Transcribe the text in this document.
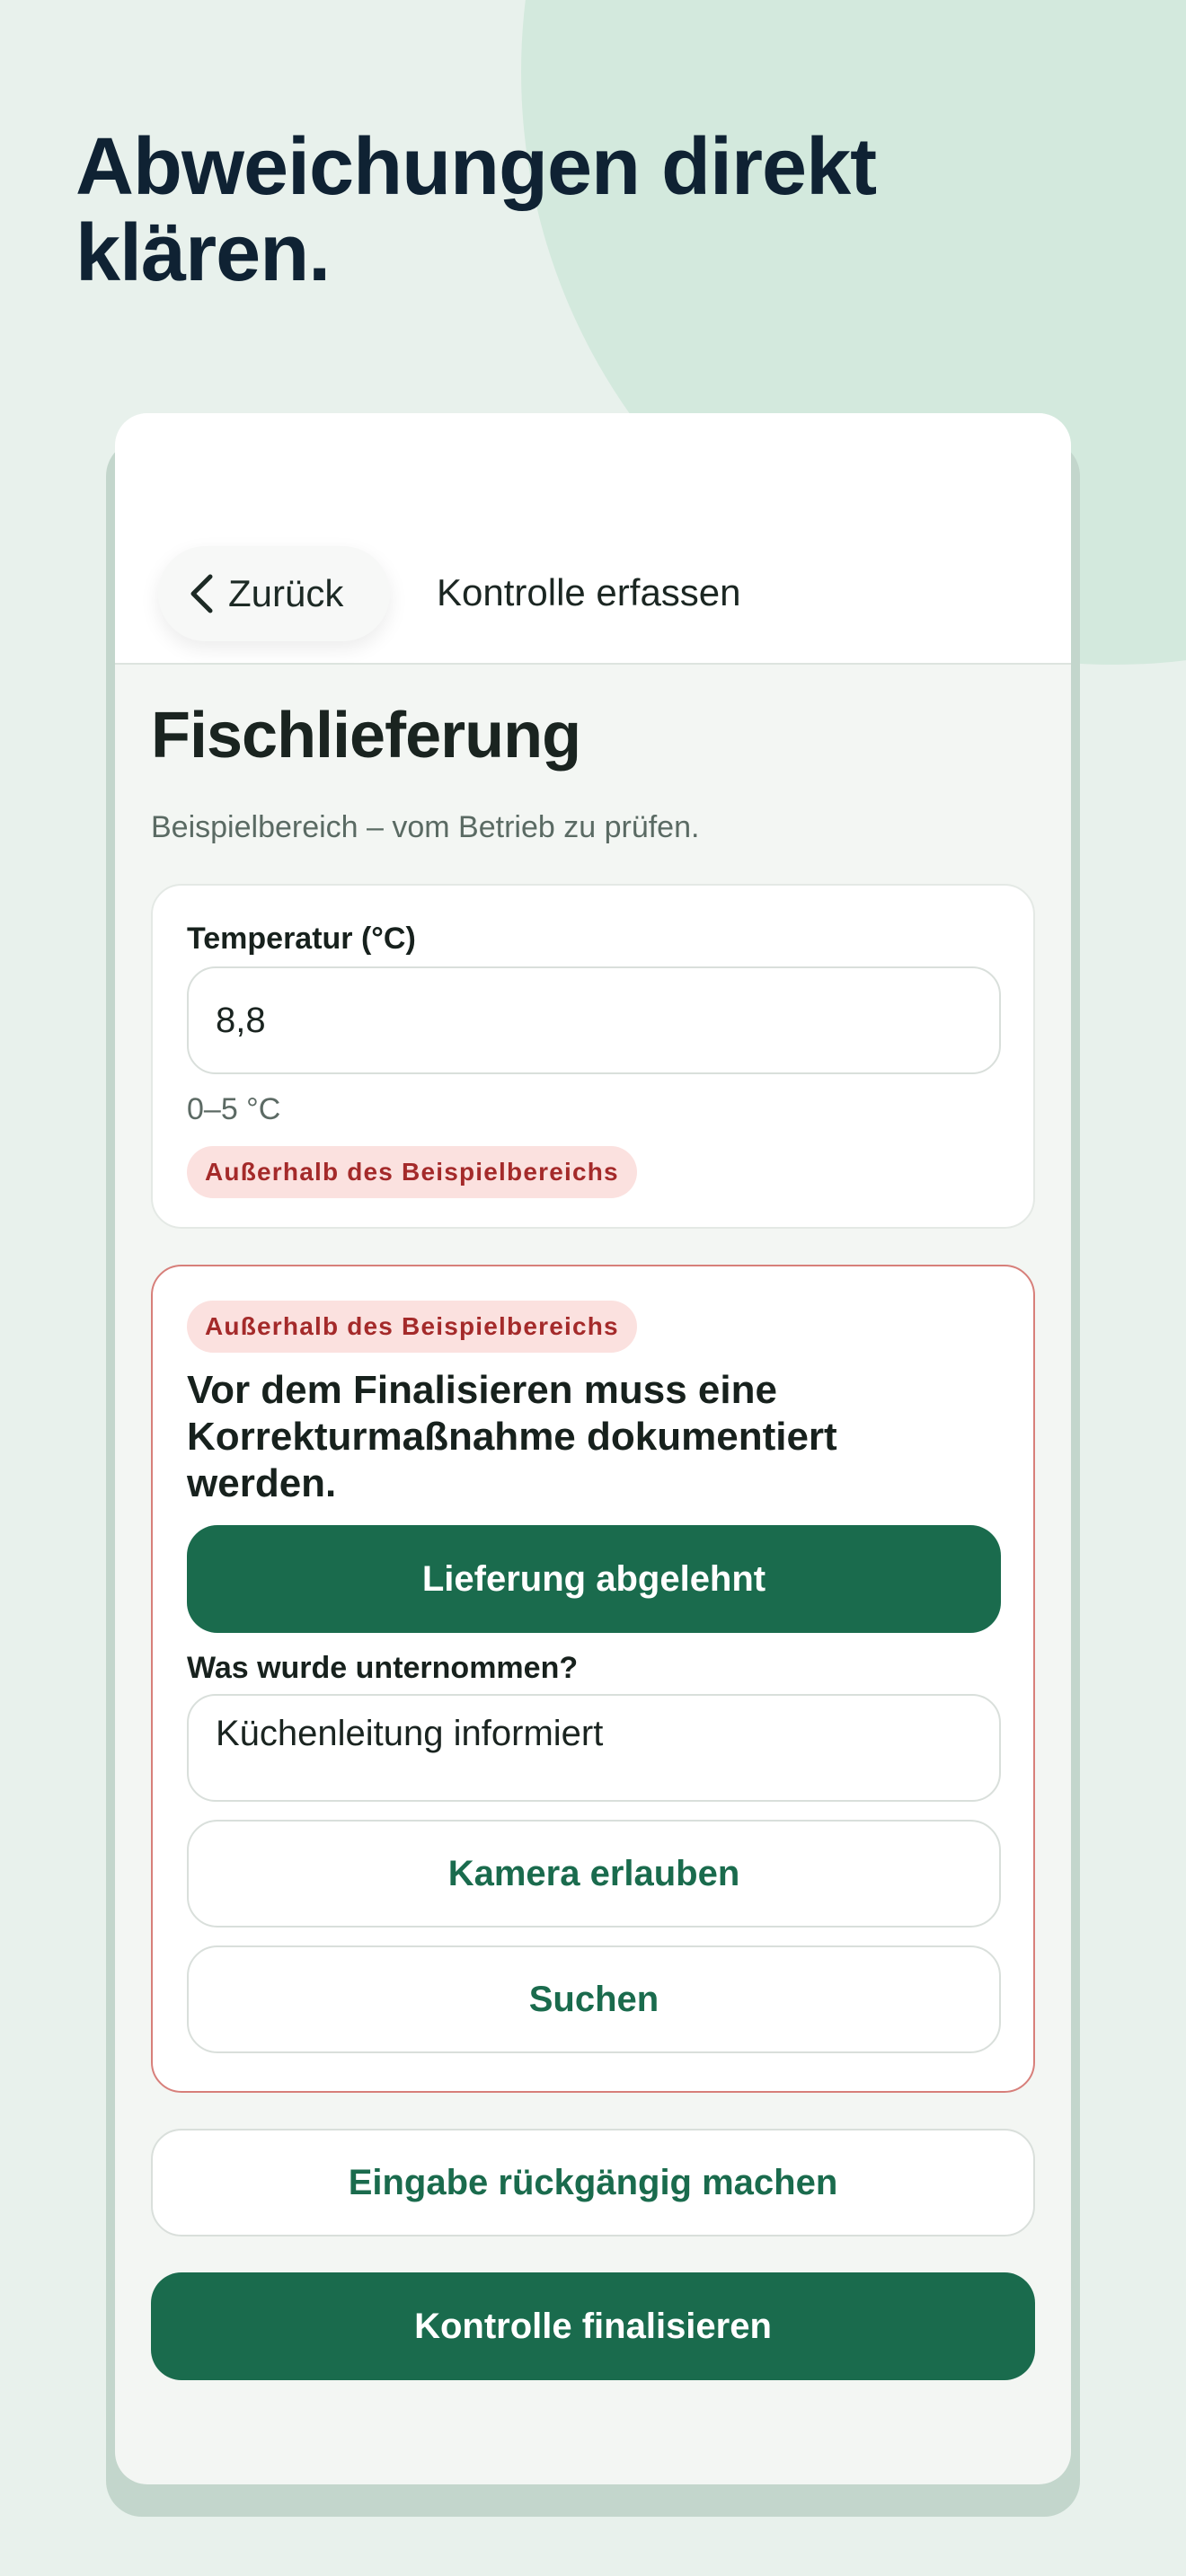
Abweichungen direkt klären.
Zurück Kontrolle erfassen
Fischlieferung
Beispielbereich – vom Betrieb zu prüfen.
Temperatur (°C)
8,8
0–5 °C
Außerhalb des Beispielbereichs
Außerhalb des Beispielbereichs
Vor dem Finalisieren muss eine Korrekturmaßnahme dokumentiert werden.
Lieferung abgelehnt
Was wurde unternommen?
Küchenleitung informiert
Kamera erlauben
Suchen
Eingabe rückgängig machen
Kontrolle finalisieren
